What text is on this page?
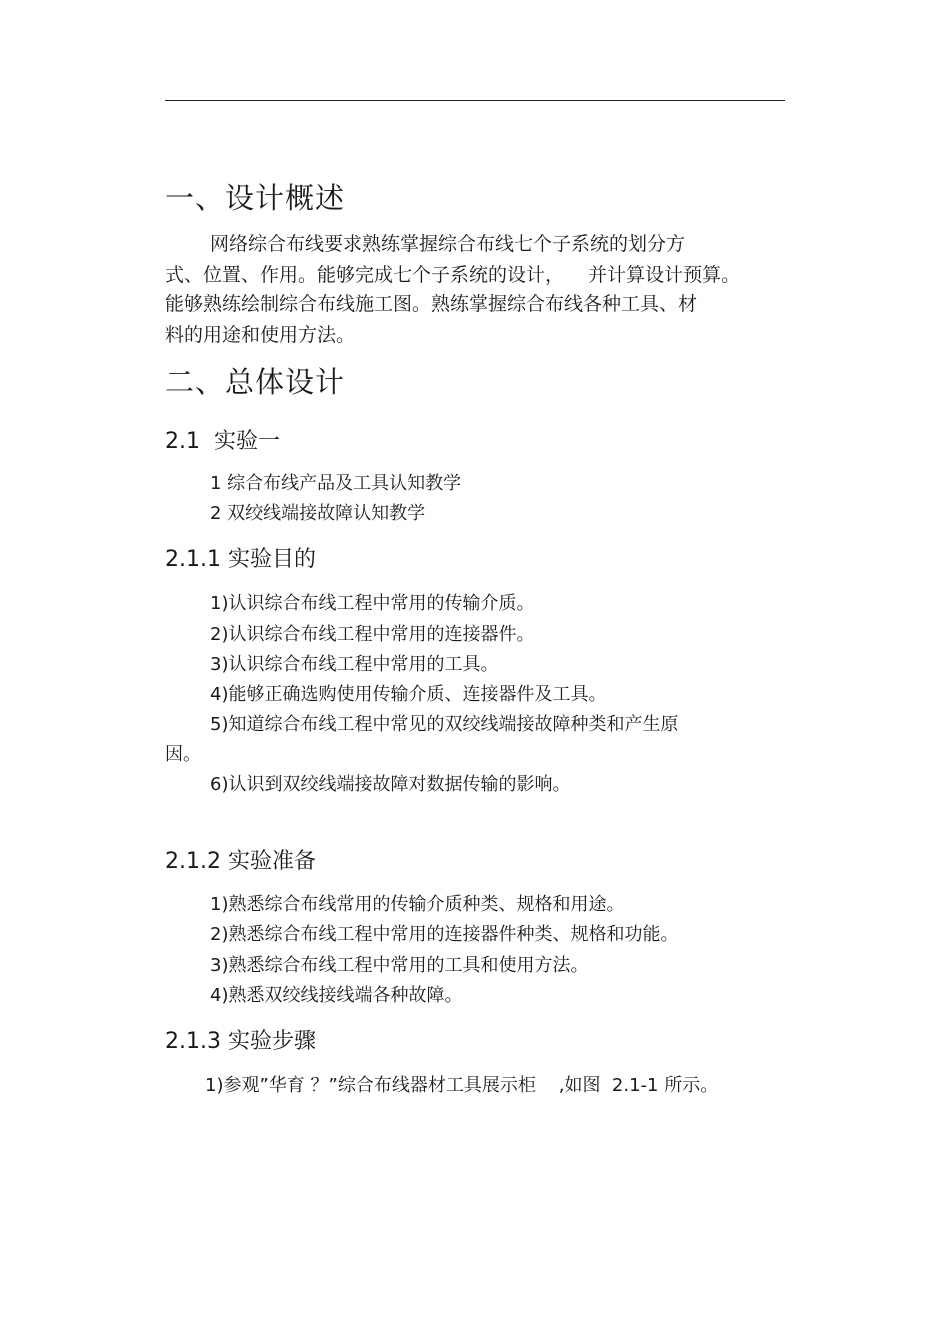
一、设计概述
网络综合布线要求熟练掌握综合布线七个子系统的划分方
式、位置、作用。能够完成七个子系统的设计，    并计算设计预算。
能够熟练绘制综合布线施工图。熟练掌握综合布线各种工具、材
料的用途和使用方法。
二、总体设计
2.1  实验一
1 综合布线产品及工具认知教学
2 双绞线端接故障认知教学
2.1.1 实验目的
1)认识综合布线工程中常用的传输介质。
2)认识综合布线工程中常用的连接器件。
3)认识综合布线工程中常用的工具。
4)能够正确选购使用传输介质、连接器件及工具。
5)知道综合布线工程中常见的双绞线端接故障种类和产生原
因。
6)认识到双绞线端接故障对数据传输的影响。
2.1.2 实验准备
1)熟悉综合布线常用的传输介质种类、规格和用途。
2)熟悉综合布线工程中常用的连接器件种类、规格和功能。
3)熟悉综合布线工程中常用的工具和使用方法。
4)熟悉双绞线接线端各种故障。
2.1.3 实验步骤
1)参观”华育 ？”综合布线器材工具展示柜    ,如图  2.1-1 所示。
